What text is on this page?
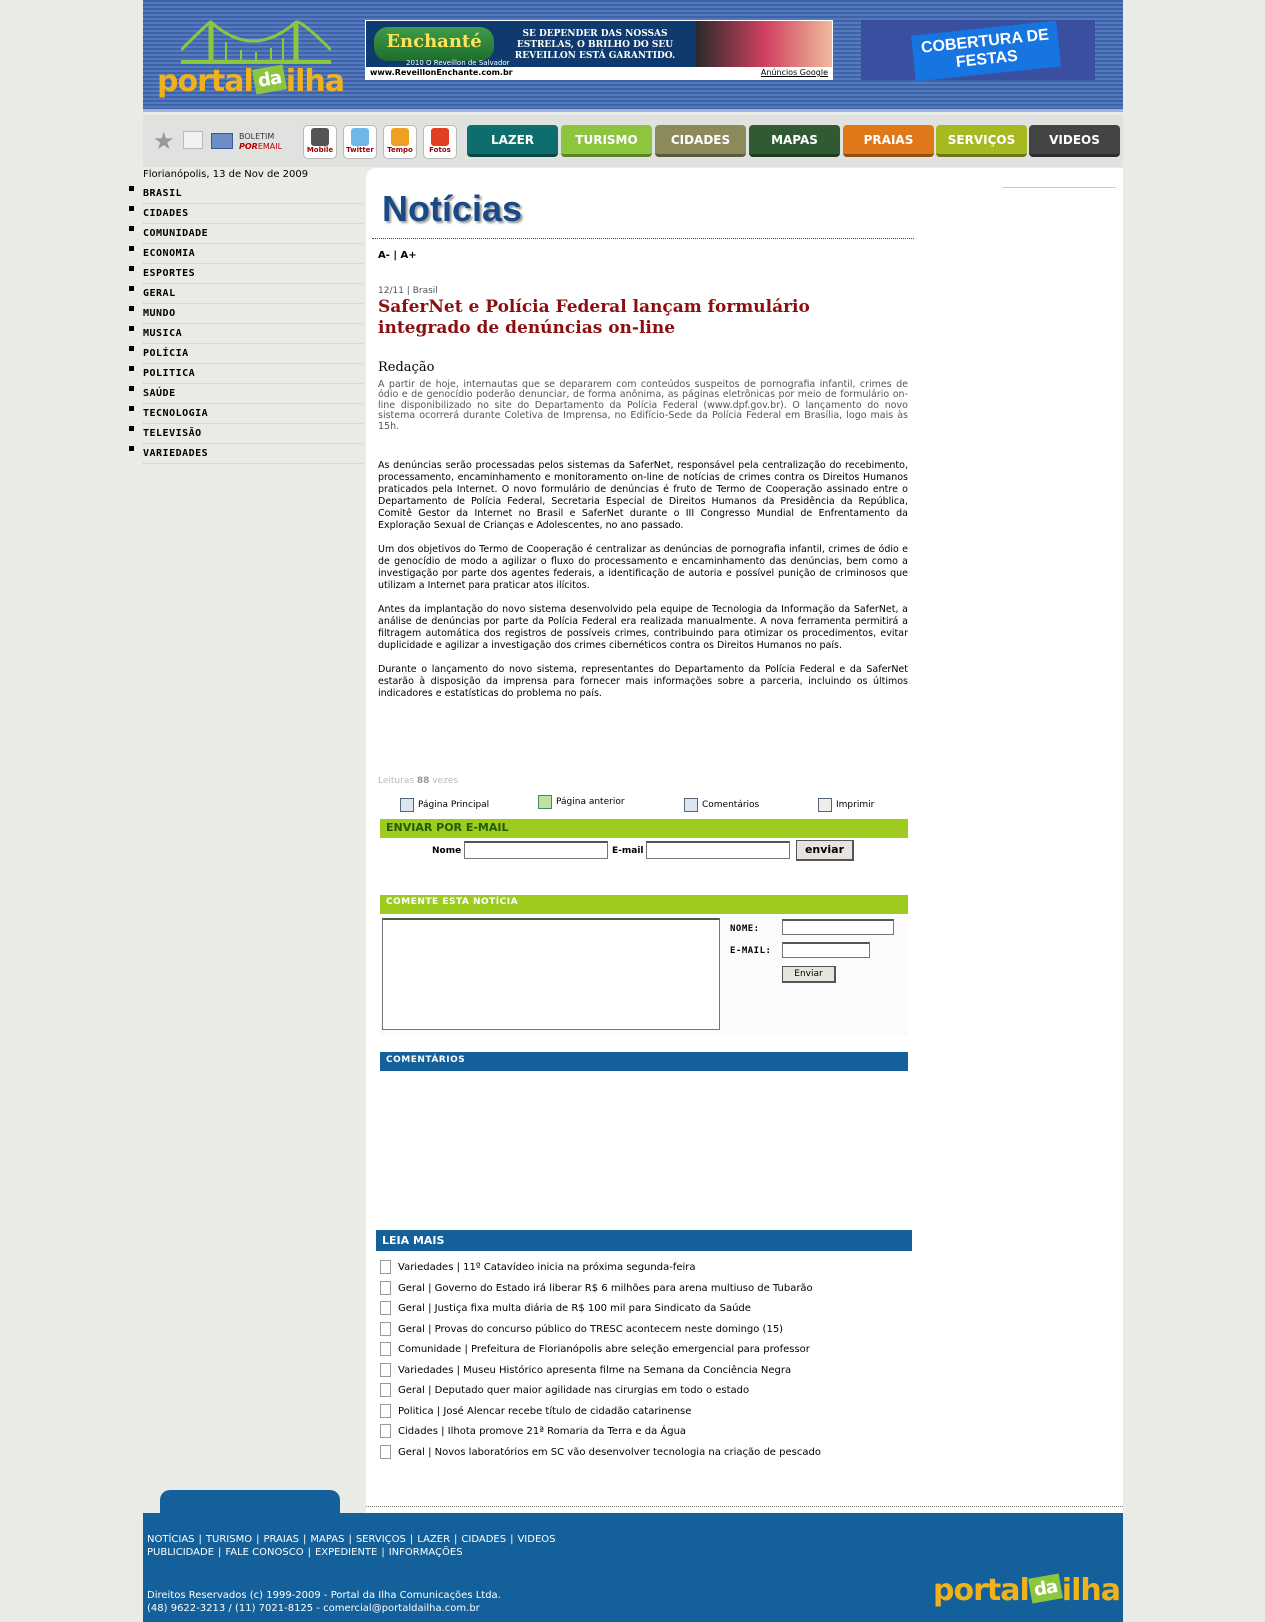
portal da ilha
Enchanté
2010 O Reveillon de Salvador
SE DEPENDER DAS NOSSAS ESTRELAS, O BRILHO DO SEU REVEILLON ESTÁ GARANTIDO.
Anúncios Google
www.ReveillonEnchante.com.br
COBERTURA DE FESTAS
★	BOLETIM
POREMAIL	Mobile	Twitter	Tempo	Fotos
LAZER	TURISMO	CIDADES	MAPAS	PRAIAS	SERVIÇOS	VIDEOS
Florianópolis, 13 de Nov de 2009
BRASIL
CIDADES
COMUNIDADE
ECONOMIA
ESPORTES
GERAL
MUNDO
MUSICA
POLÍCIA
POLITICA
SAÚDE
TECNOLOGIA
TELEVISÃO
VARIEDADES
Notícias
A- | A+
12/11 | Brasil
SaferNet e Polícia Federal lançam formulário integrado de denúncias on-line
Redação
A partir de hoje, internautas que se depararem com conteúdos suspeitos de pornografia infantil, crimes de ódio e de genocídio poderão denunciar, de forma anônima, as páginas eletrônicas por meio de formulário on-line disponibilizado no site do Departamento da Polícia Federal (www.dpf.gov.br). O lançamento do novo sistema ocorrerá durante Coletiva de Imprensa, no Edifício-Sede da Polícia Federal em Brasília, logo mais às 15h.

As denúncias serão processadas pelos sistemas da SaferNet, responsável pela centralização do recebimento, processamento, encaminhamento e monitoramento on-line de notícias de crimes contra os Direitos Humanos praticados pela Internet. O novo formulário de denúncias é fruto de Termo de Cooperação assinado entre o Departamento de Polícia Federal, Secretaria Especial de Direitos Humanos da Presidência da República, Comitê Gestor da Internet no Brasil e SaferNet durante o III Congresso Mundial de Enfrentamento da Exploração Sexual de Crianças e Adolescentes, no ano passado.

Um dos objetivos do Termo de Cooperação é centralizar as denúncias de pornografia infantil, crimes de ódio e de genocídio de modo a agilizar o fluxo do processamento e encaminhamento das denúncias, bem como a investigação por parte dos agentes federais, a identificação de autoria e possível punição de criminosos que utilizam a Internet para praticar atos ilícitos.

Antes da implantação do novo sistema desenvolvido pela equipe de Tecnologia da Informação da SaferNet, a análise de denúncias por parte da Polícia Federal era realizada manualmente. A nova ferramenta permitirá a filtragem automática dos registros de possíveis crimes, contribuindo para otimizar os procedimentos, evitar duplicidade e agilizar a investigação dos crimes cibernéticos contra os Direitos Humanos no país.

Durante o lançamento do novo sistema, representantes do Departamento da Polícia Federal e da SaferNet estarão à disposição da imprensa para fornecer mais informações sobre a parceria, incluindo os últimos indicadores e estatísticas do problema no país.

Leituras 88 vezes
Página Principal	Página anterior	Comentários	Imprimir
ENVIAR POR E-MAIL
Nome	E-mail	enviar
COMENTE ESTA NOTÍCIA
NOME:
E-MAIL:
Enviar
COMENTÁRIOS
LEIA MAIS
Variedades | 11º Catavídeo inicia na próxima segunda-feira
Geral | Governo do Estado irá liberar R$ 6 milhões para arena multiuso de Tubarão
Geral | Justiça fixa multa diária de R$ 100 mil para Sindicato da Saúde
Geral | Provas do concurso público do TRESC acontecem neste domingo (15)
Comunidade | Prefeitura de Florianópolis abre seleção emergencial para professor
Variedades | Museu Histórico apresenta filme na Semana da Conciência Negra
Geral | Deputado quer maior agilidade nas cirurgias em todo o estado
Politica | José Alencar recebe título de cidadão catarinense
Cidades | Ilhota promove 21ª Romaria da Terra e da Água
Geral | Novos laboratórios em SC vão desenvolver tecnologia na criação de pescado
NOTÍCIAS | TURISMO | PRAIAS | MAPAS | SERVIÇOS | LAZER | CIDADES | VIDEOS
PUBLICIDADE | FALE CONOSCO | EXPEDIENTE | INFORMAÇÕES
Direitos Reservados (c) 1999-2009 - Portal da Ilha Comunicações Ltda.
(48) 9622-3213 / (11) 7021-8125 - comercial@portaldailha.com.br
portal da ilha
